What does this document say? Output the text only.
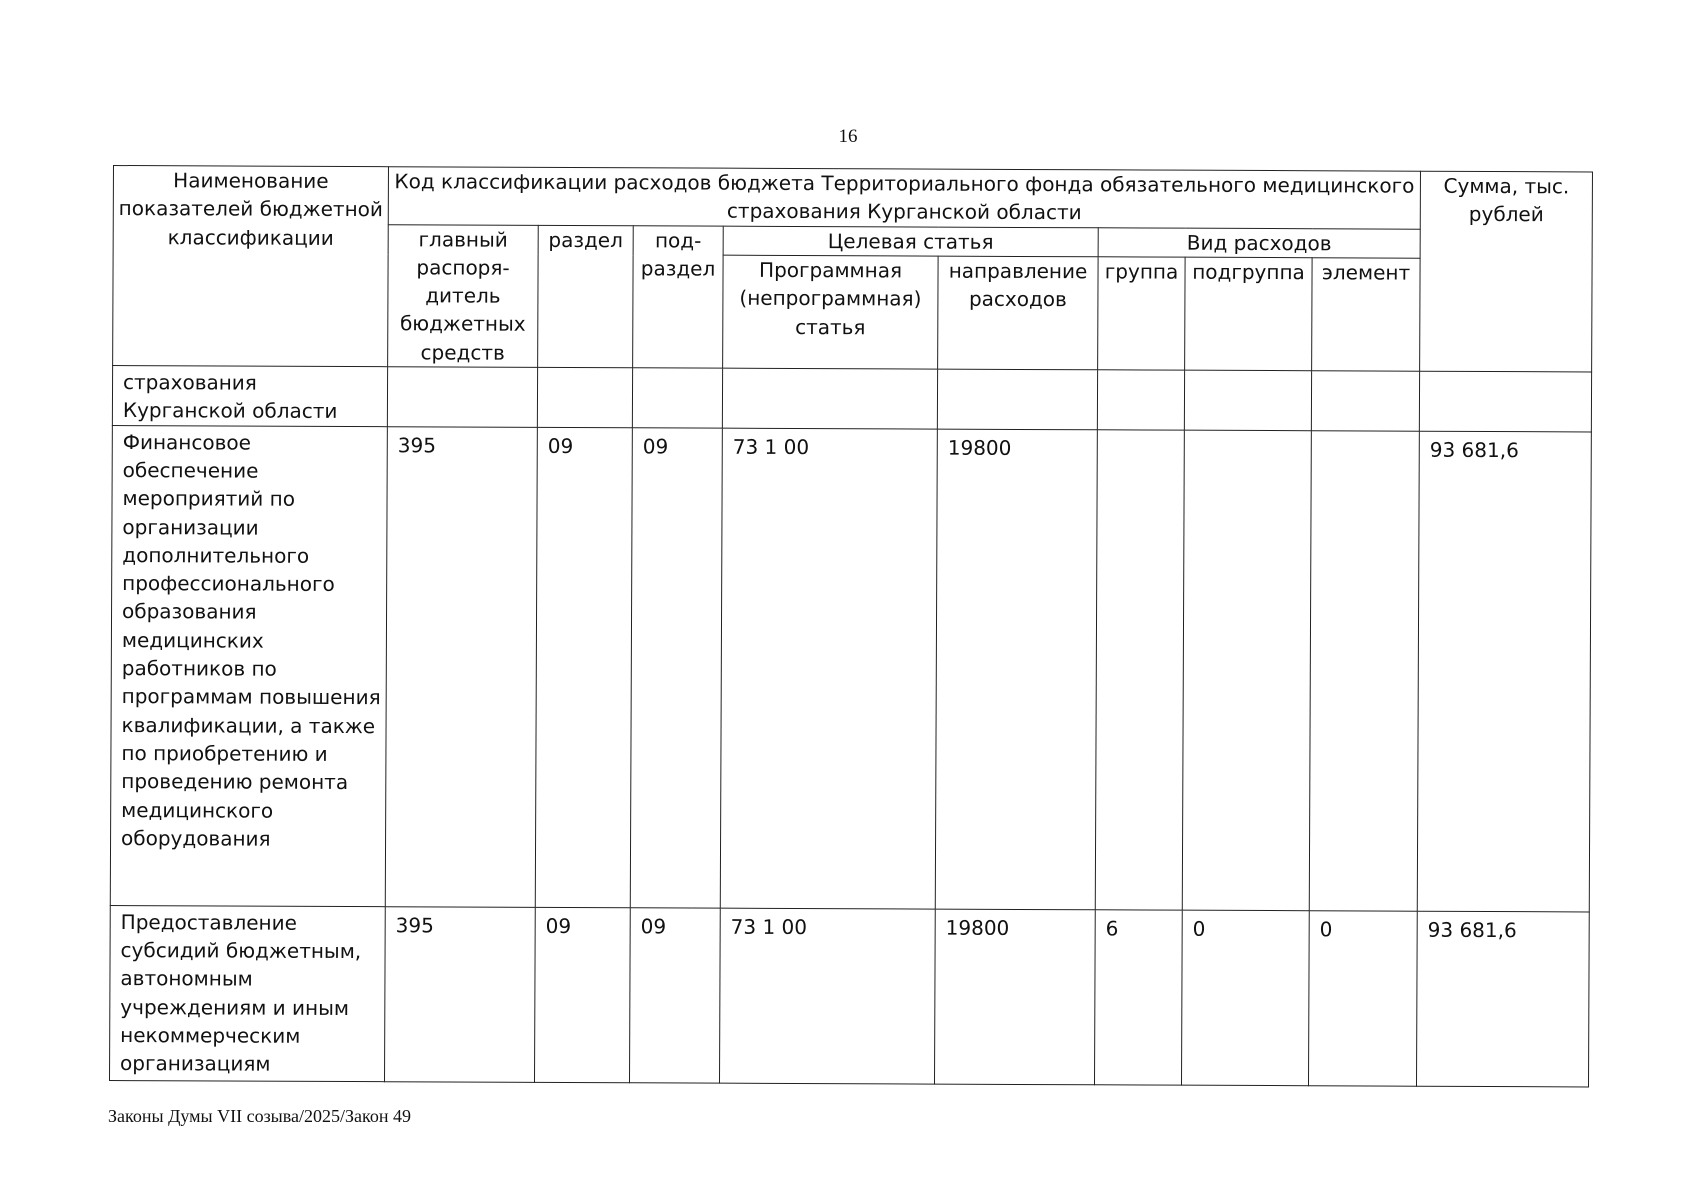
16
Наименование показателей бюджетной классификации	Код классификации расходов бюджета Территориального фонда обязательного медицинского страхования Курганской области								Сумма, тыс. рублей
	главный распоря-дитель бюджетных средств	раздел	под-раздел	Целевая статья		Вид расходов			
				Программная (непрограммная) статья	направление расходов	группа	подгруппа	элемент	
страхования Курганской области									
Финансовое обеспечение мероприятий по организации дополнительного профессионального образования медицинских работников по программам повышения квалификации, а также по приобретению и проведению ремонта медицинского оборудования	395	09	09	73 1 00	19800				93 681,6
Предоставление субсидий бюджетным, автономным учреждениям и иным некоммерческим организациям	395	09	09	73 1 00	19800	6	0	0	93 681,6
Законы Думы VII созыва/2025/Закон 49
